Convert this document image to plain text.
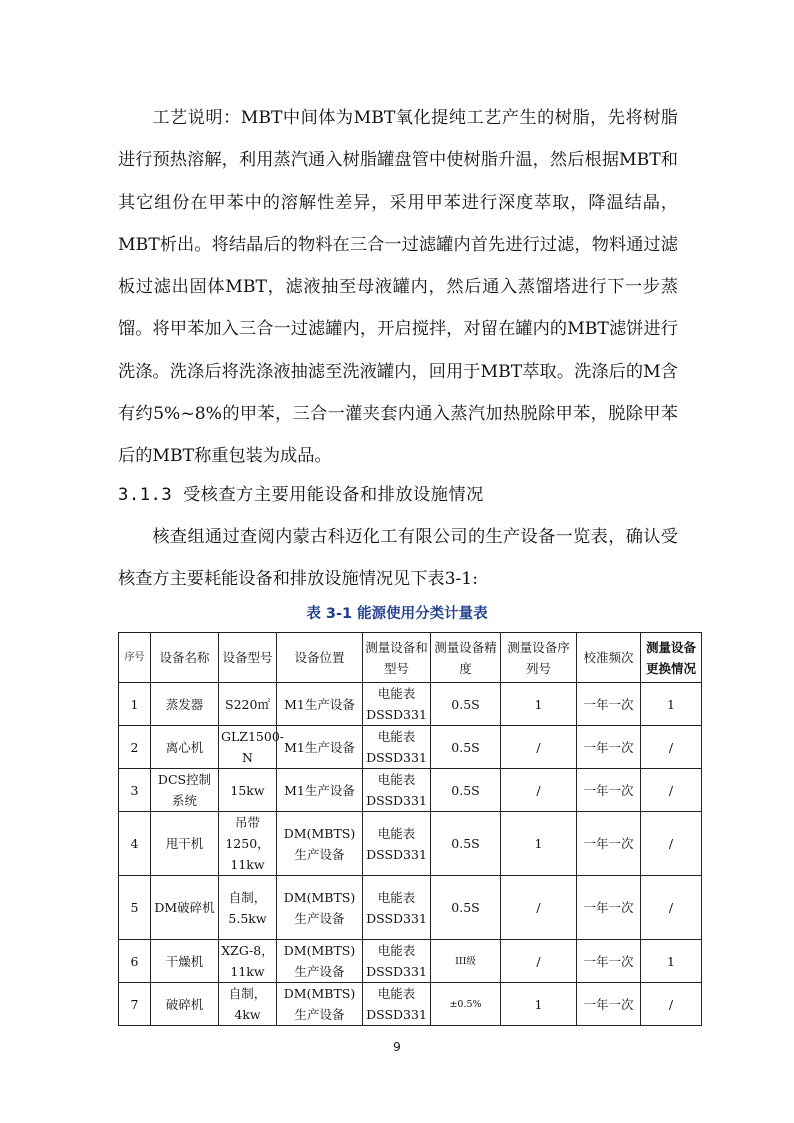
工艺说明：MBT中间体为MBT氧化提纯工艺产生的树脂，先将树脂进行预热溶解，利用蒸汽通入树脂罐盘管中使树脂升温，然后根据MBT和其它组份在甲苯中的溶解性差异，采用甲苯进行深度萃取，降温结晶，MBT析出。将结晶后的物料在三合一过滤罐内首先进行过滤，物料通过滤板过滤出固体MBT，滤液抽至母液罐内，然后通入蒸馏塔进行下一步蒸馏。将甲苯加入三合一过滤罐内，开启搅拌，对留在罐内的MBT滤饼进行洗涤。洗涤后将洗涤液抽滤至洗液罐内，回用于MBT萃取。洗涤后的M含有约5%~8%的甲苯，三合一灌夹套内通入蒸汽加热脱除甲苯，脱除甲苯后的MBT称重包装为成品。
3.1.3 受核查方主要用能设备和排放设施情况
核查组通过查阅内蒙古科迈化工有限公司的生产设备一览表，确认受核查方主要耗能设备和排放设施情况见下表3-1:
表 3-1 能源使用分类计量表
序号	设备名称	设备型号	设备位置	测量设备和型号	测量设备精度	测量设备序列号	校准频次	测量设备更换情况
1	蒸发器	S220㎡	M1生产设备	电能表DSSD331	0.5S	1	一年一次	1
2	离心机	GLZ1500-N	M1生产设备	电能表DSSD331	0.5S	/	一年一次	/
3	DCS控制系统	15kw	M1生产设备	电能表DSSD331	0.5S	/	一年一次	/
4	甩干机	吊带1250，11kw	DM(MBTS)生产设备	电能表DSSD331	0.5S	1	一年一次	/
5	DM破碎机	自制，5.5kw	DM(MBTS)生产设备	电能表DSSD331	0.5S	/	一年一次	/
6	干燥机	XZG-8，11kw	DM(MBTS)生产设备	电能表DSSD331	III级	/	一年一次	1
7	破碎机	自制，4kw	DM(MBTS)生产设备	电能表DSSD331	±0.5%	1	一年一次	/
9
